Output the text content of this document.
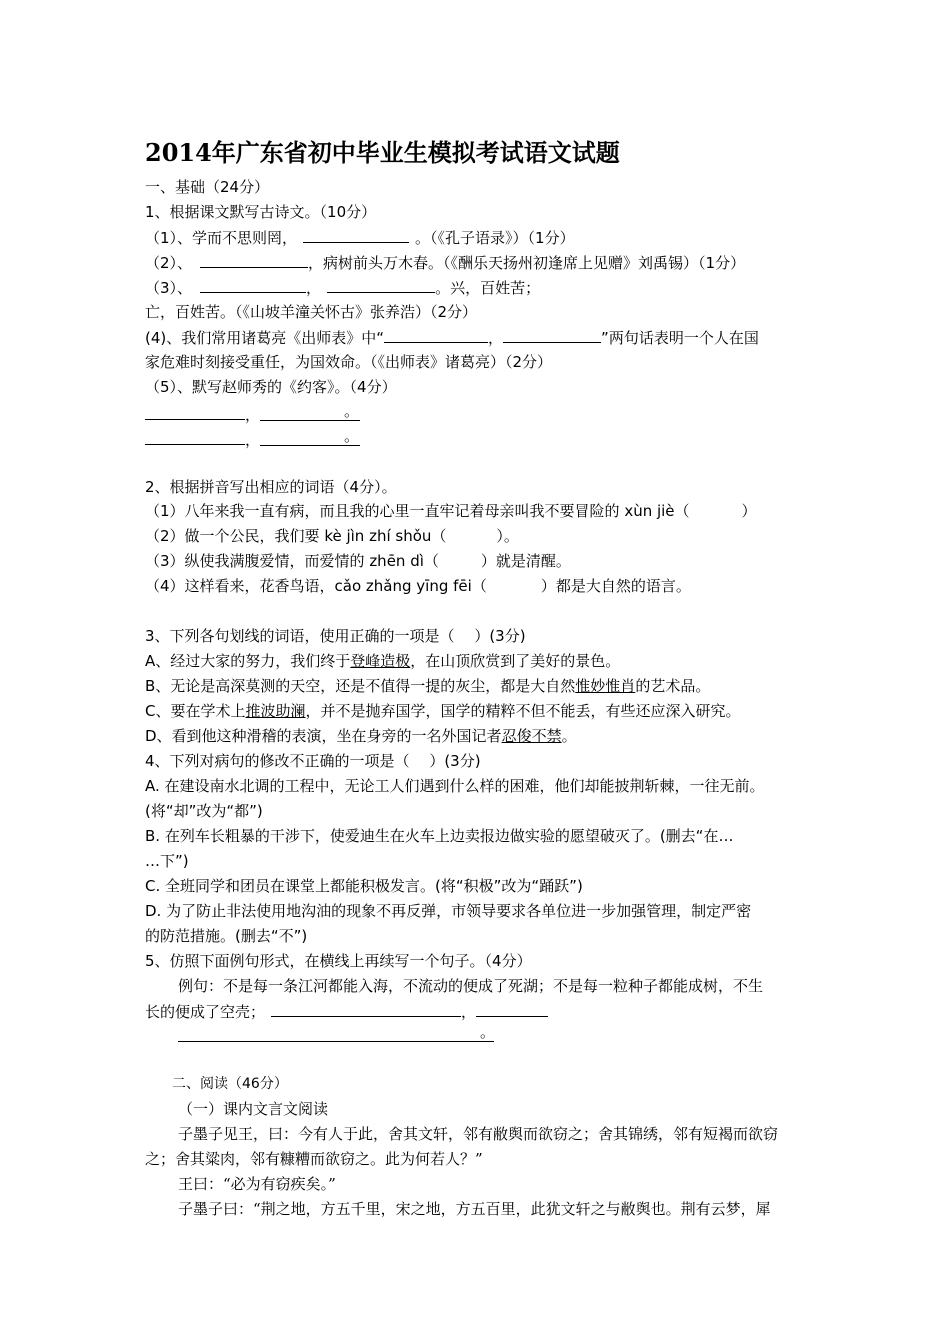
2014年广东省初中毕业生模拟考试语文试题
一、基础（24分）
1、根据课文默写古诗文。（10分）
（1）、学而不思则罔，	。（《孔子语录》）（1分）
（2）、	，病树前头万木春。（《酬乐天扬州初逢席上见赠》刘禹锡）（1分）
（3）、	，	。兴，百姓苦；
亡，百姓苦。（《山坡羊潼关怀古》张养浩）（2分）
(4)、我们常用诸葛亮《出师表》中“	，	”两句话表明一个人在国
家危难时刻接受重任，为国效命。（《出师表》诸葛亮）（2分）
（5）、默写赵师秀的《约客》。（4分）
，	。
，	。
2、根据拼音写出相应的词语（4分）。
（1）八年来我一直有病，而且我的心里一直牢记着母亲叫我不要冒险的 xùn jiè（	）
（2）做一个公民，我们要 kè jìn zhí shǒu（	）。
（3）纵使我满腹爱情，而爱情的 zhēn dì（	）就是清醒。
（4）这样看来，花香鸟语，cǎo zhǎng yīng fēi（	）都是大自然的语言。
3、下列各句划线的词语，使用正确的一项是（　 ）(3分)
A、经过大家的努力，我们终于登峰造极，在山顶欣赏到了美好的景色。
B、无论是高深莫测的天空，还是不值得一提的灰尘，都是大自然惟妙惟肖的艺术品。
C、要在学术上推波助澜，并不是抛弃国学，国学的精粹不但不能丢，有些还应深入研究。
D、看到他这种滑稽的表演，坐在身旁的一名外国记者忍俊不禁。
4、下列对病句的修改不正确的一项是（　 ）(3分)
A. 在建设南水北调的工程中，无论工人们遇到什么样的困难，他们却能披荆斩棘，一往无前。
(将“却”改为“都”)
B. 在列车长粗暴的干涉下，使爱迪生在火车上边卖报边做实验的愿望破灭了。(删去“在…
…下”)
C. 全班同学和团员在课堂上都能积极发言。(将“积极”改为“踊跃”)
D. 为了防止非法使用地沟油的现象不再反弹，市领导要求各单位进一步加强管理，制定严密
的防范措施。(删去“不”)
5、仿照下面例句形式，在横线上再续写一个句子。（4分）
例句：不是每一条江河都能入海，不流动的便成了死湖；不是每一粒种子都能成树，不生
长的便成了空壳；	，
。
二、阅读（46分）
（一）课内文言文阅读
子墨子见王，曰：今有人于此，舍其文轩，邻有敝舆而欲窃之；舍其锦绣，邻有短褐而欲窃
之；舍其粱肉，邻有糠糟而欲窃之。此为何若人？”
王曰：“必为有窃疾矣。”
子墨子曰：“荆之地，方五千里，宋之地，方五百里，此犹文轩之与敝舆也。荆有云梦，犀
